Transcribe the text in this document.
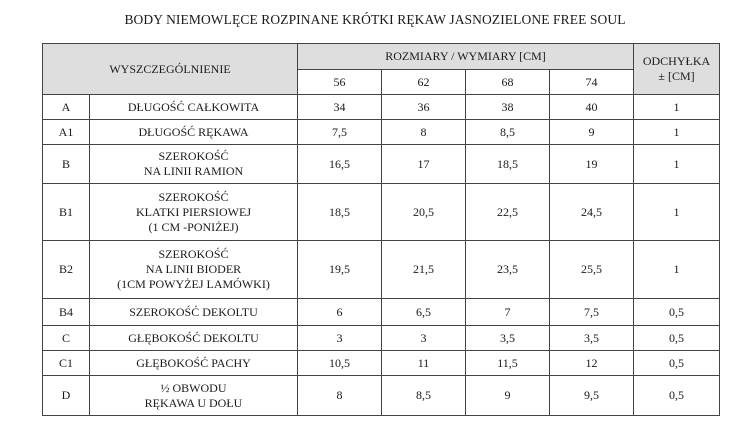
BODY NIEMOWLĘCE ROZPINANE KRÓTKI RĘKAW JASNOZIELONE FREE SOUL
WYSZCZEGÓLNIENIE		ROZMIARY / WYMIARY [CM]				ODCHYŁKA
± [CM]
		56	62	68	74	
A	DŁUGOŚĆ CAŁKOWITA	34	36	38	40	1
A1	DŁUGOŚĆ RĘKAWA	7,5	8	8,5	9	1
B	SZEROKOŚĆ
NA LINII RAMION	16,5	17	18,5	19	1
B1	SZEROKOŚĆ
KLATKI PIERSIOWEJ
(1 CM -PONIŻEJ)	18,5	20,5	22,5	24,5	1
B2	SZEROKOŚĆ
NA LINII BIODER
(1CM POWYŻEJ LAMÓWKI)	19,5	21,5	23,5	25,5	1
B4	SZEROKOŚĆ DEKOLTU	6	6,5	7	7,5	0,5
C	GŁĘBOKOŚĆ DEKOLTU	3	3	3,5	3,5	0,5
C1	GŁĘBOKOŚĆ PACHY	10,5	11	11,5	12	0,5
D	½ OBWODU
RĘKAWA U DOŁU	8	8,5	9	9,5	0,5
